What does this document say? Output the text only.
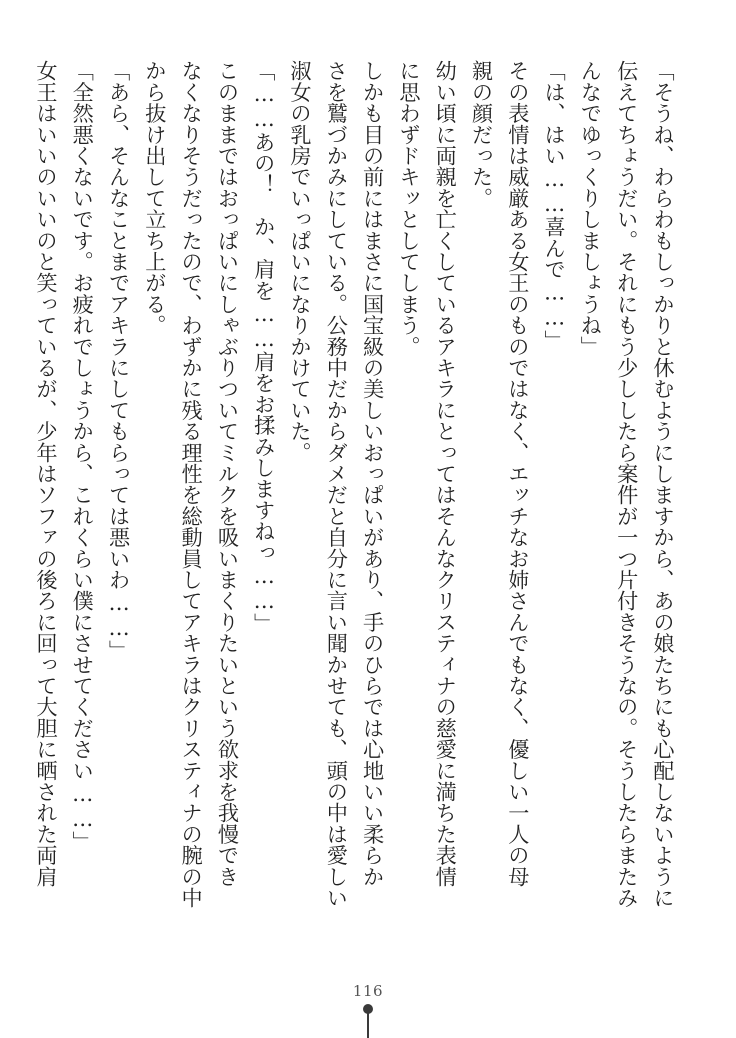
「そうね、わらわもしっかりと休むようにしますから、あの娘たちにも心配しないように
伝えてちょうだい。それにもう少ししたら案件が一つ片付きそうなの。そうしたらまたみ
んなでゆっくりしましょうね」
「は、はい……喜んで……」
その表情は威厳ある女王のものではなく、エッチなお姉さんでもなく、優しい一人の母
親の顔だった。
幼い頃に両親を亡くしているアキラにとってはそんなクリスティナの慈愛に満ちた表情
に思わずドキッとしてしまう。
しかも目の前にはまさに国宝級の美しいおっぱいがあり、手のひらでは心地いい柔らか
さを鷲づかみにしている。公務中だからダメだと自分に言い聞かせても、頭の中は愛しい
淑女の乳房でいっぱいになりかけていた。
「……あの！　か、肩を……肩をお揉みしますねっ……」
このままではおっぱいにしゃぶりついてミルクを吸いまくりたいという欲求を我慢でき
なくなりそうだったので、わずかに残る理性を総動員してアキラはクリスティナの腕の中
から抜け出して立ち上がる。
「あら、そんなことまでアキラにしてもらっては悪いわ……」
「全然悪くないです。お疲れでしょうから、これくらい僕にさせてください……」
女王はいいのいいのと笑っているが、少年はソファの後ろに回って大胆に晒された両肩
116
